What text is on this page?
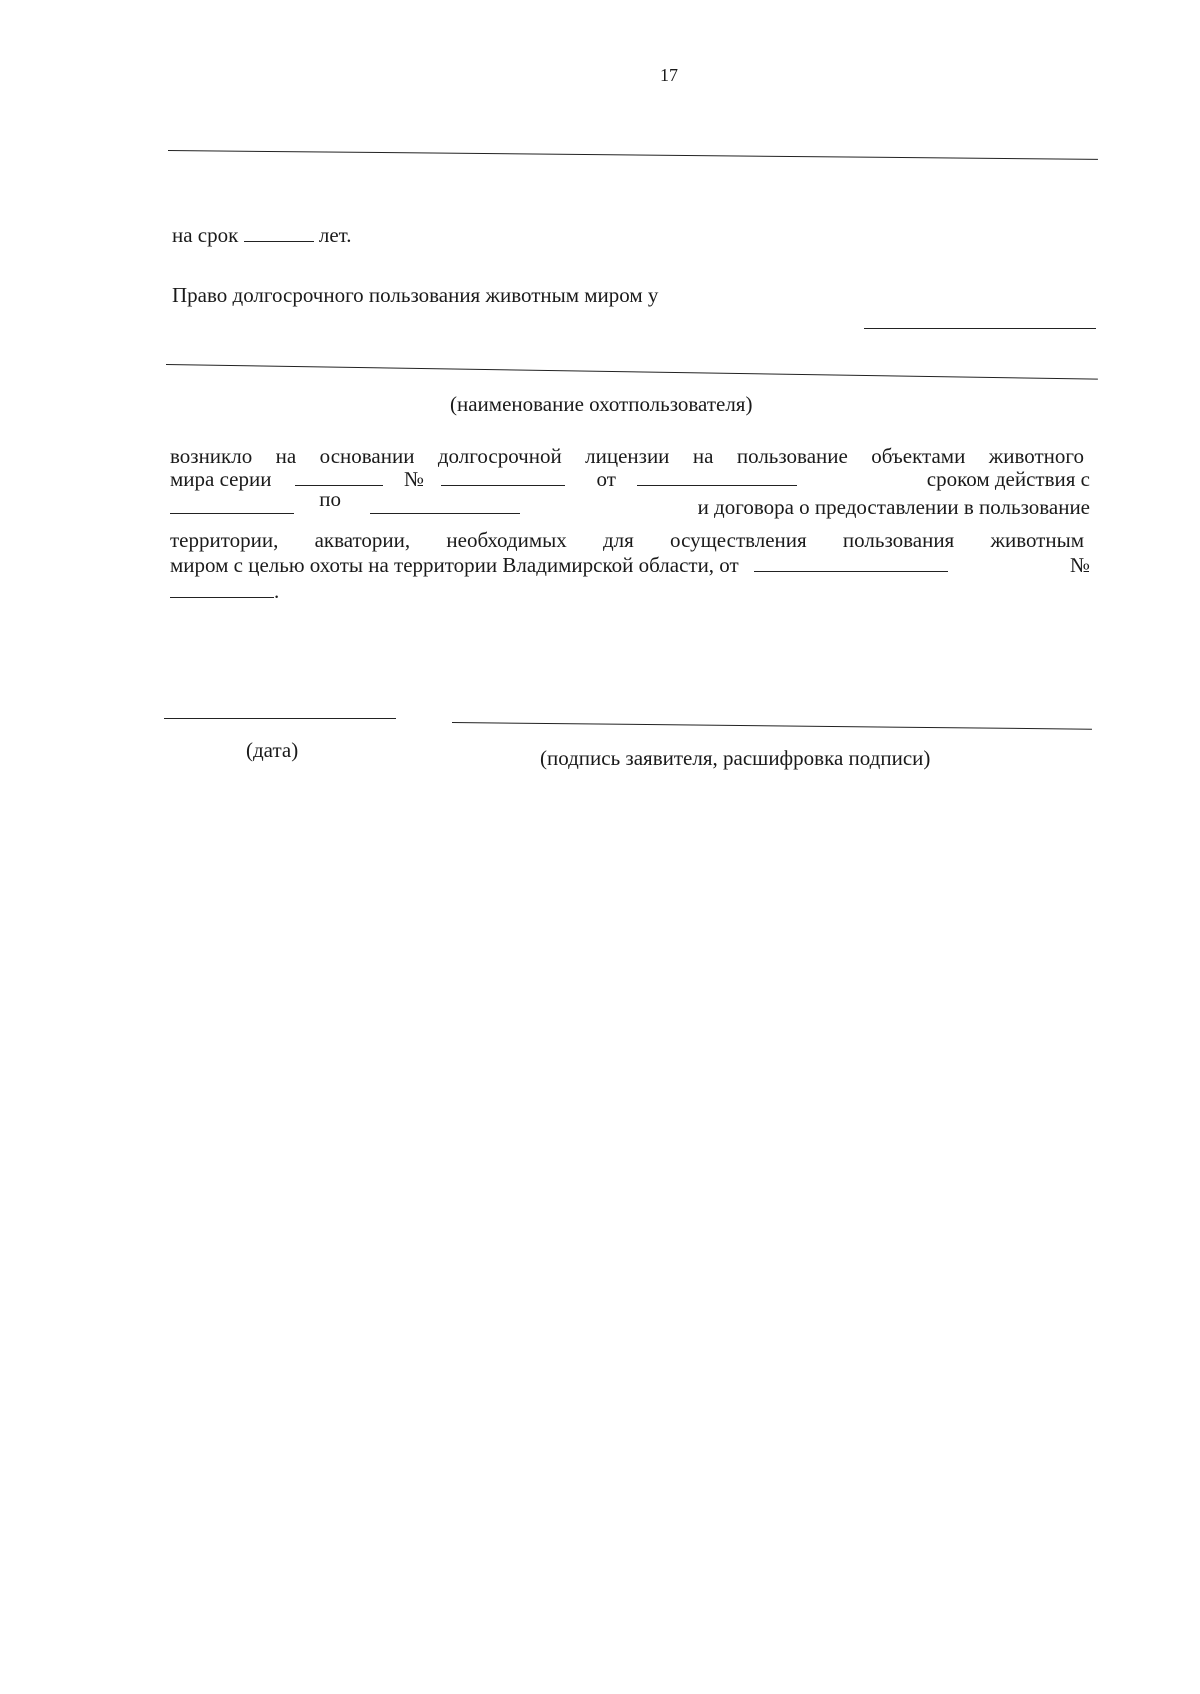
17
на срок	лет.
Право долгосрочного пользования животным миром у
(наименование охотпользователя)
возникло на основании долгосрочной лицензии на пользование объектами животного
мира серии	№	от	сроком действия с
по	и договора о предоставлении в пользование
территории, акватории, необходимых для осуществления пользования животным
миром с целью охоты на территории Владимирской области, от	№
.
(дата)	(подпись заявителя, расшифровка подписи)
